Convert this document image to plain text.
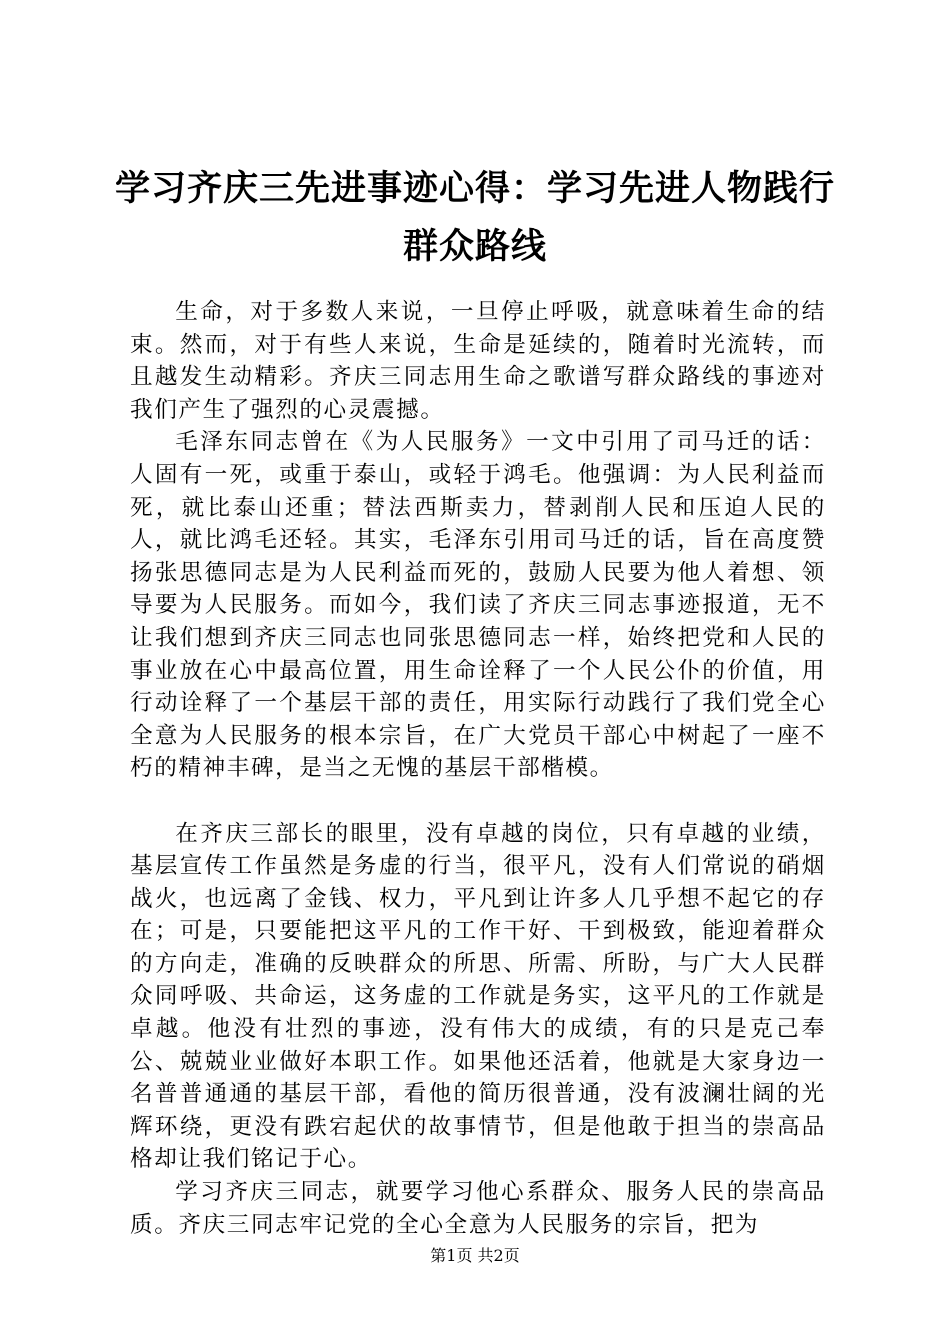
学习齐庆三先进事迹心得：学习先进人物践行群众路线

生命，对于多数人来说，一旦停止呼吸，就意味着生命的结束。然而，对于有些人来说，生命是延续的，随着时光流转，而且越发生动精彩。齐庆三同志用生命之歌谱写群众路线的事迹对我们产生了强烈的心灵震撼。

毛泽东同志曾在《为人民服务》一文中引用了司马迁的话：人固有一死，或重于泰山，或轻于鸿毛。他强调：为人民利益而死，就比泰山还重；替法西斯卖力，替剥削人民和压迫人民的人，就比鸿毛还轻。其实，毛泽东引用司马迁的话，旨在高度赞扬张思德同志是为人民利益而死的，鼓励人民要为他人着想、领导要为人民服务。而如今，我们读了齐庆三同志事迹报道，无不让我们想到齐庆三同志也同张思德同志一样，始终把党和人民的事业放在心中最高位置，用生命诠释了一个人民公仆的价值，用行动诠释了一个基层干部的责任，用实际行动践行了我们党全心全意为人民服务的根本宗旨，在广大党员干部心中树起了一座不朽的精神丰碑，是当之无愧的基层干部楷模。

在齐庆三部长的眼里，没有卓越的岗位，只有卓越的业绩，基层宣传工作虽然是务虚的行当，很平凡，没有人们常说的硝烟战火，也远离了金钱、权力，平凡到让许多人几乎想不起它的存在；可是，只要能把这平凡的工作干好、干到极致，能迎着群众的方向走，准确的反映群众的所思、所需、所盼，与广大人民群众同呼吸、共命运，这务虚的工作就是务实，这平凡的工作就是卓越。他没有壮烈的事迹，没有伟大的成绩，有的只是克己奉公、兢兢业业做好本职工作。如果他还活着，他就是大家身边一名普普通通的基层干部，看他的简历很普通，没有波澜壮阔的光辉环绕，更没有跌宕起伏的故事情节，但是他敢于担当的崇高品格却让我们铭记于心。

学习齐庆三同志，就要学习他心系群众、服务人民的崇高品质。齐庆三同志牢记党的全心全意为人民服务的宗旨，把为

第1页 共2页
